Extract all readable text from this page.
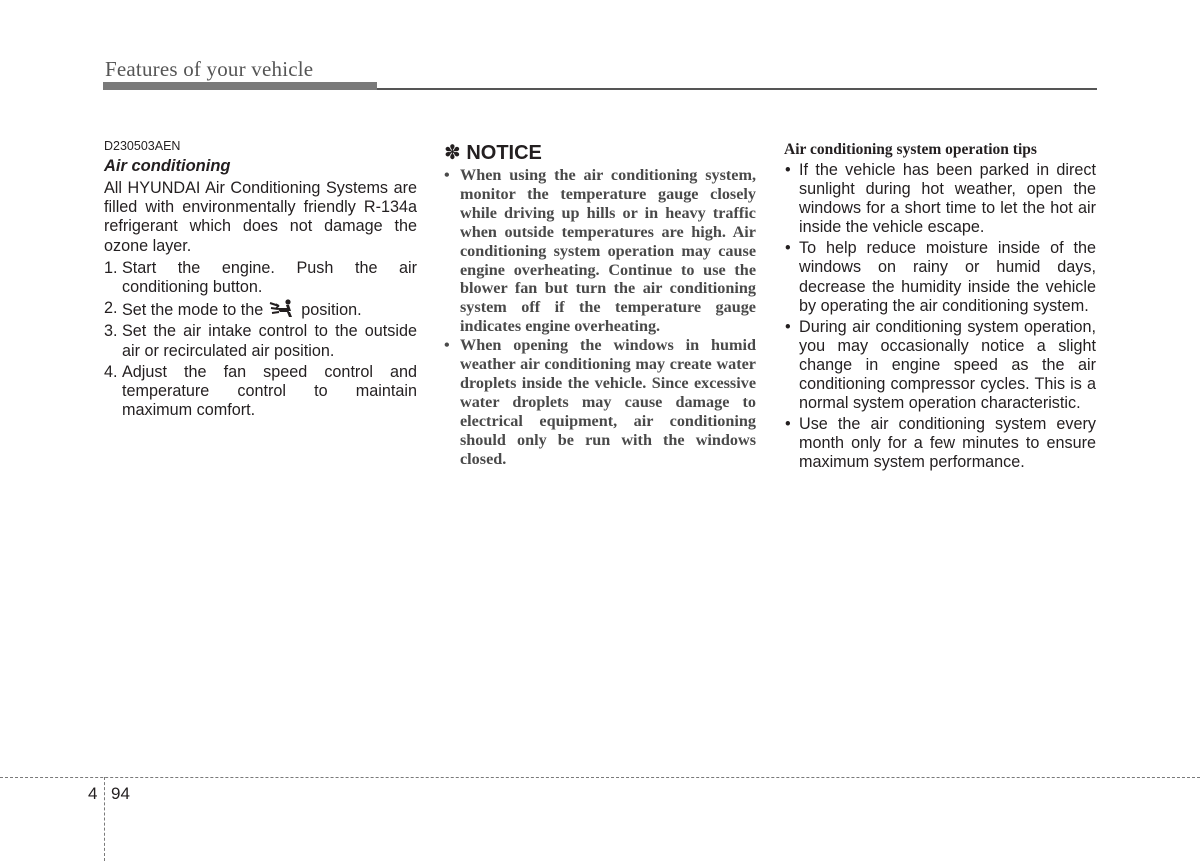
Features of your vehicle
D230503AEN
Air conditioning

All HYUNDAI Air Conditioning Systems are filled with environmentally friendly R-134a refrigerant which does not damage the ozone layer.

1. Start the engine. Push the air conditioning button.
2. Set the mode to the position.
3. Set the air intake control to the outside air or recirculated air position.
4. Adjust the fan speed control and temperature control to maintain maximum comfort.
✽ NOTICE
• When using the air conditioning system, monitor the temperature gauge closely while driving up hills or in heavy traffic when outside temperatures are high. Air conditioning system operation may cause engine overheating. Continue to use the blower fan but turn the air conditioning system off if the temperature gauge indicates engine overheating.
• When opening the windows in humid weather air conditioning may create water droplets inside the vehicle. Since excessive water droplets may cause damage to electrical equipment, air conditioning should only be run with the windows closed.
Air conditioning system operation tips
• If the vehicle has been parked in direct sunlight during hot weather, open the windows for a short time to let the hot air inside the vehicle escape.
• To help reduce moisture inside of the windows on rainy or humid days, decrease the humidity inside the vehicle by operating the air conditioning system.
• During air conditioning system operation, you may occasionally notice a slight change in engine speed as the air conditioning compressor cycles. This is a normal system operation characteristic.
• Use the air conditioning system every month only for a few minutes to ensure maximum system performance.
4 94
